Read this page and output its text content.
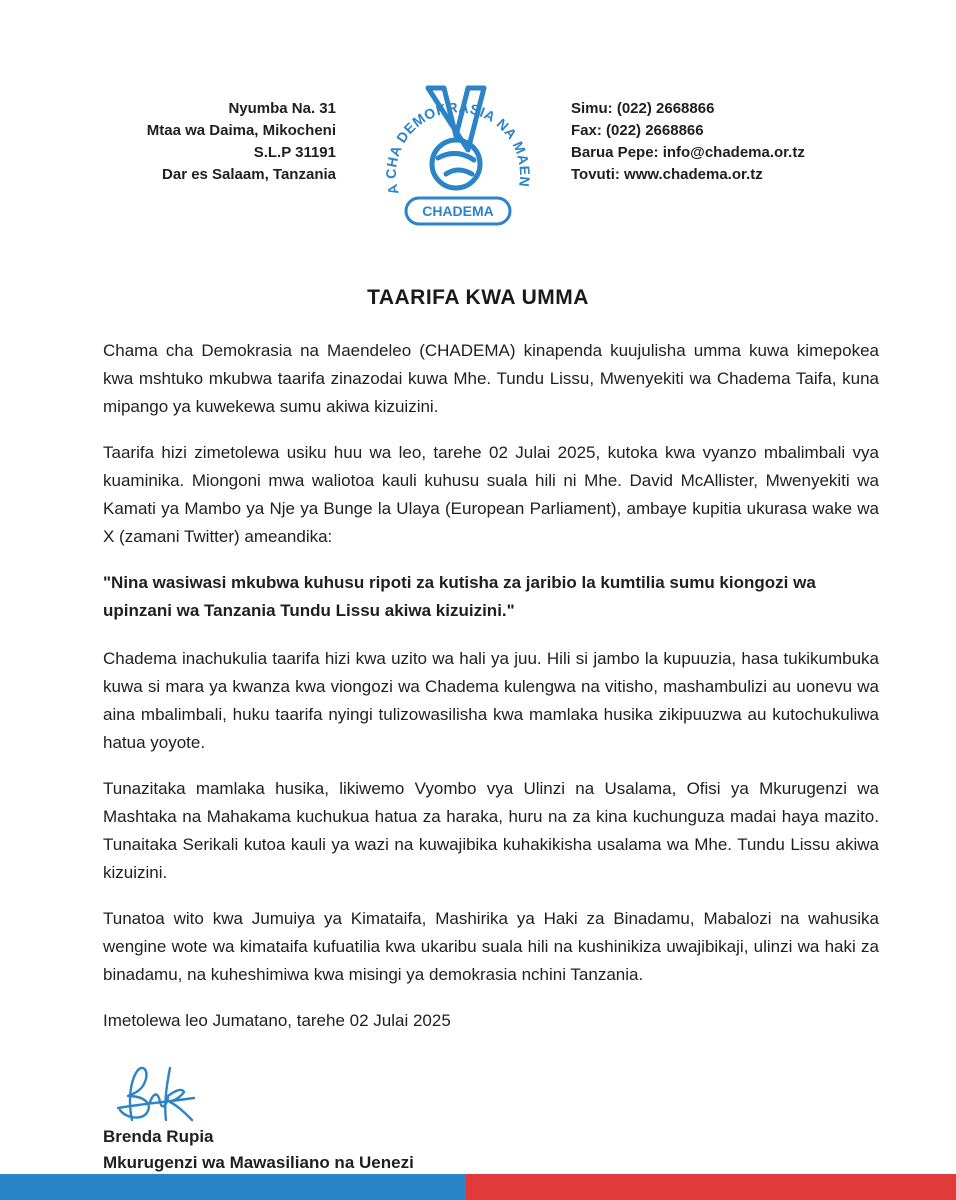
Nyumba Na. 31
Mtaa wa Daima, Mikocheni
S.L.P 31191
Dar es Salaam, Tanzania
A CHA DEMOKRASIA NA MAEN
CHADEMA
Simu: (022) 2668866
Fax: (022) 2668866
Barua Pepe: info@chadema.or.tz
Tovuti: www.chadema.or.tz
TAARIFA KWA UMMA

Chama cha Demokrasia na Maendeleo (CHADEMA) kinapenda kuujulisha umma kuwa kimepokea kwa mshtuko mkubwa taarifa zinazodai kuwa Mhe. Tundu Lissu, Mwenyekiti wa Chadema Taifa, kuna mipango ya kuwekewa sumu akiwa kizuizini.

Taarifa hizi zimetolewa usiku huu wa leo, tarehe 02 Julai 2025, kutoka kwa vyanzo mbalimbali vya kuaminika. Miongoni mwa waliotoa kauli kuhusu suala hili ni Mhe. David McAllister, Mwenyekiti wa Kamati ya Mambo ya Nje ya Bunge la Ulaya (European Parliament), ambaye kupitia ukurasa wake wa X (zamani Twitter) ameandika:

"Nina wasiwasi mkubwa kuhusu ripoti za kutisha za jaribio la kumtilia sumu kiongozi wa upinzani wa Tanzania Tundu Lissu akiwa kizuizini."

Chadema inachukulia taarifa hizi kwa uzito wa hali ya juu. Hili si jambo la kupuuzia, hasa tukikumbuka kuwa si mara ya kwanza kwa viongozi wa Chadema kulengwa na vitisho, mashambulizi au uonevu wa aina mbalimbali, huku taarifa nyingi tulizowasilisha kwa mamlaka husika zikipuuzwa au kutochukuliwa hatua yoyote.

Tunazitaka mamlaka husika, likiwemo Vyombo vya Ulinzi na Usalama, Ofisi ya Mkurugenzi wa Mashtaka na Mahakama kuchukua hatua za haraka, huru na za kina kuchunguza madai haya mazito. Tunaitaka Serikali kutoa kauli ya wazi na kuwajibika kuhakikisha usalama wa Mhe. Tundu Lissu akiwa kizuizini.

Tunatoa wito kwa Jumuiya ya Kimataifa, Mashirika ya Haki za Binadamu, Mabalozi na wahusika wengine wote wa kimataifa kufuatilia kwa ukaribu suala hili na kushinikiza uwajibikaji, ulinzi wa haki za binadamu, na kuheshimiwa kwa misingi ya demokrasia nchini Tanzania.

Imetolewa leo Jumatano, tarehe 02 Julai 2025

Brenda Rupia
Mkurugenzi wa Mawasiliano na Uenezi
